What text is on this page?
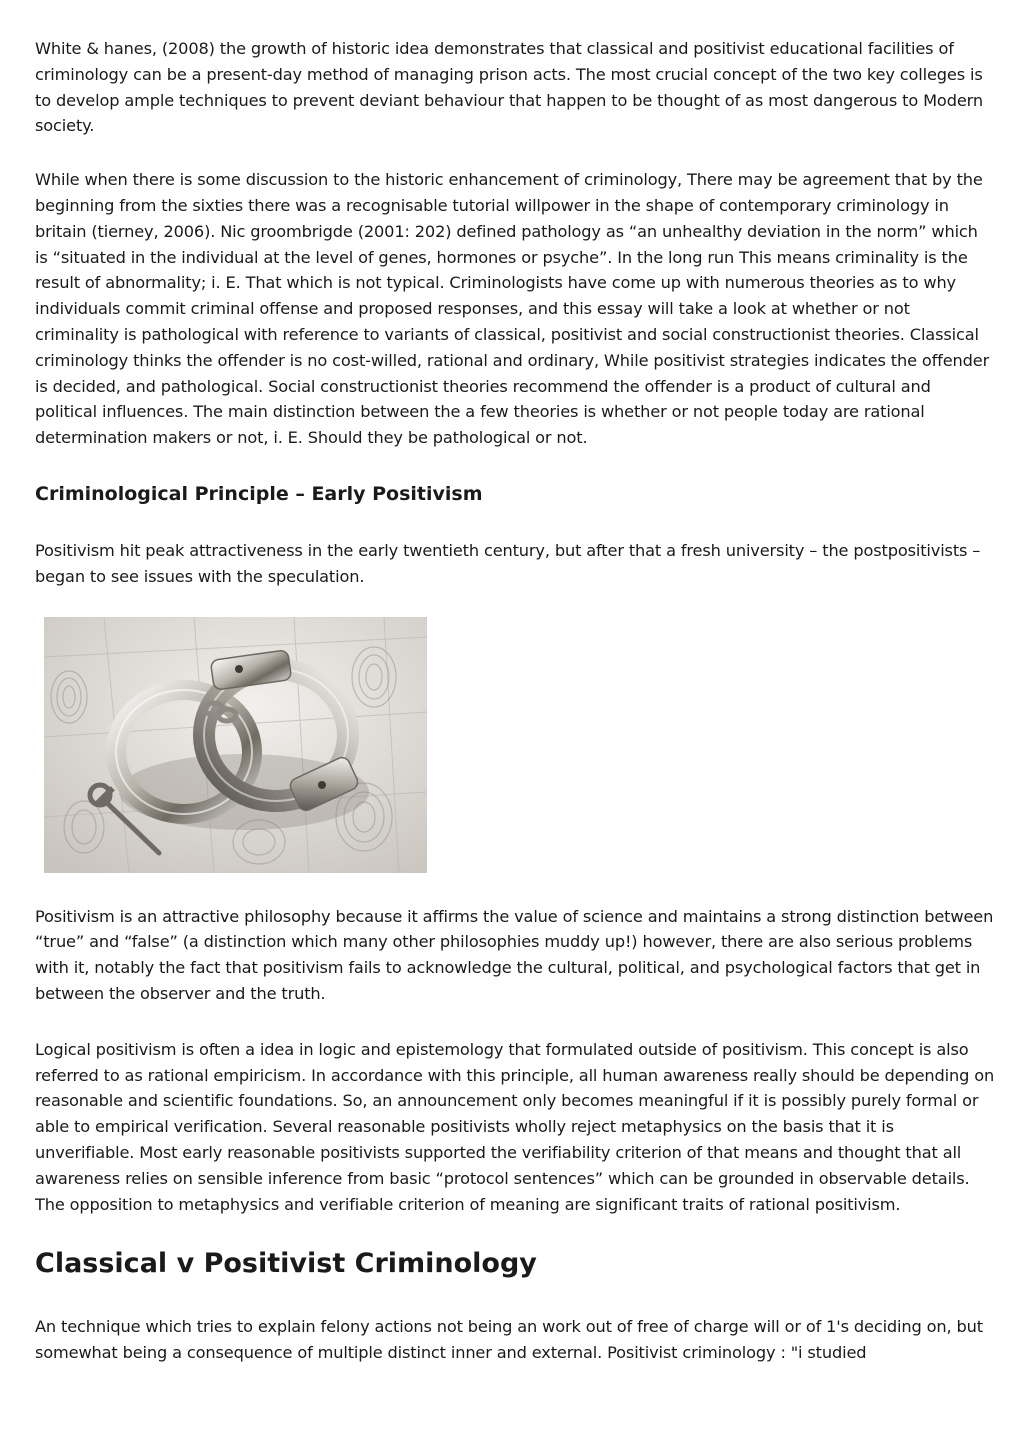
White & hanes, (2008) the growth of historic idea demonstrates that classical and positivist educational facilities of criminology can be a present-day method of managing prison acts. The most crucial concept of the two key colleges is to develop ample techniques to prevent deviant behaviour that happen to be thought of as most dangerous to Modern society.

While when there is some discussion to the historic enhancement of criminology, There may be agreement that by the beginning from the sixties there was a recognisable tutorial willpower in the shape of contemporary criminology in britain (tierney, 2006). Nic groombrigde (2001: 202) defined pathology as “an unhealthy deviation in the norm” which is “situated in the individual at the level of genes, hormones or psyche”. In the long run This means criminality is the result of abnormality; i. E. That which is not typical. Criminologists have come up with numerous theories as to why individuals commit criminal offense and proposed responses, and this essay will take a look at whether or not criminality is pathological with reference to variants of classical, positivist and social constructionist theories. Classical criminology thinks the offender is no cost-willed, rational and ordinary, While positivist strategies indicates the offender is decided, and pathological. Social constructionist theories recommend the offender is a product of cultural and political influences. The main distinction between the a few theories is whether or not people today are rational determination makers or not, i. E. Should they be pathological or not.

Criminological Principle – Early Positivism

Positivism hit peak attractiveness in the early twentieth century, but after that a fresh university – the postpositivists – began to see issues with the speculation.

Positivism is an attractive philosophy because it affirms the value of science and maintains a strong distinction between “true” and “false” (a distinction which many other philosophies muddy up!) however, there are also serious problems with it, notably the fact that positivism fails to acknowledge the cultural, political, and psychological factors that get in between the observer and the truth.

Logical positivism is often a idea in logic and epistemology that formulated outside of positivism. This concept is also referred to as rational empiricism. In accordance with this principle, all human awareness really should be depending on reasonable and scientific foundations. So, an announcement only becomes meaningful if it is possibly purely formal or able to empirical verification. Several reasonable positivists wholly reject metaphysics on the basis that it is unverifiable. Most early reasonable positivists supported the verifiability criterion of that means and thought that all awareness relies on sensible inference from basic “protocol sentences” which can be grounded in observable details. The opposition to metaphysics and verifiable criterion of meaning are significant traits of rational positivism.

Classical v Positivist Criminology

An technique which tries to explain felony actions not being an work out of free of charge will or of 1's deciding on, but somewhat being a consequence of multiple distinct inner and external. Positivist criminology : "i studied
